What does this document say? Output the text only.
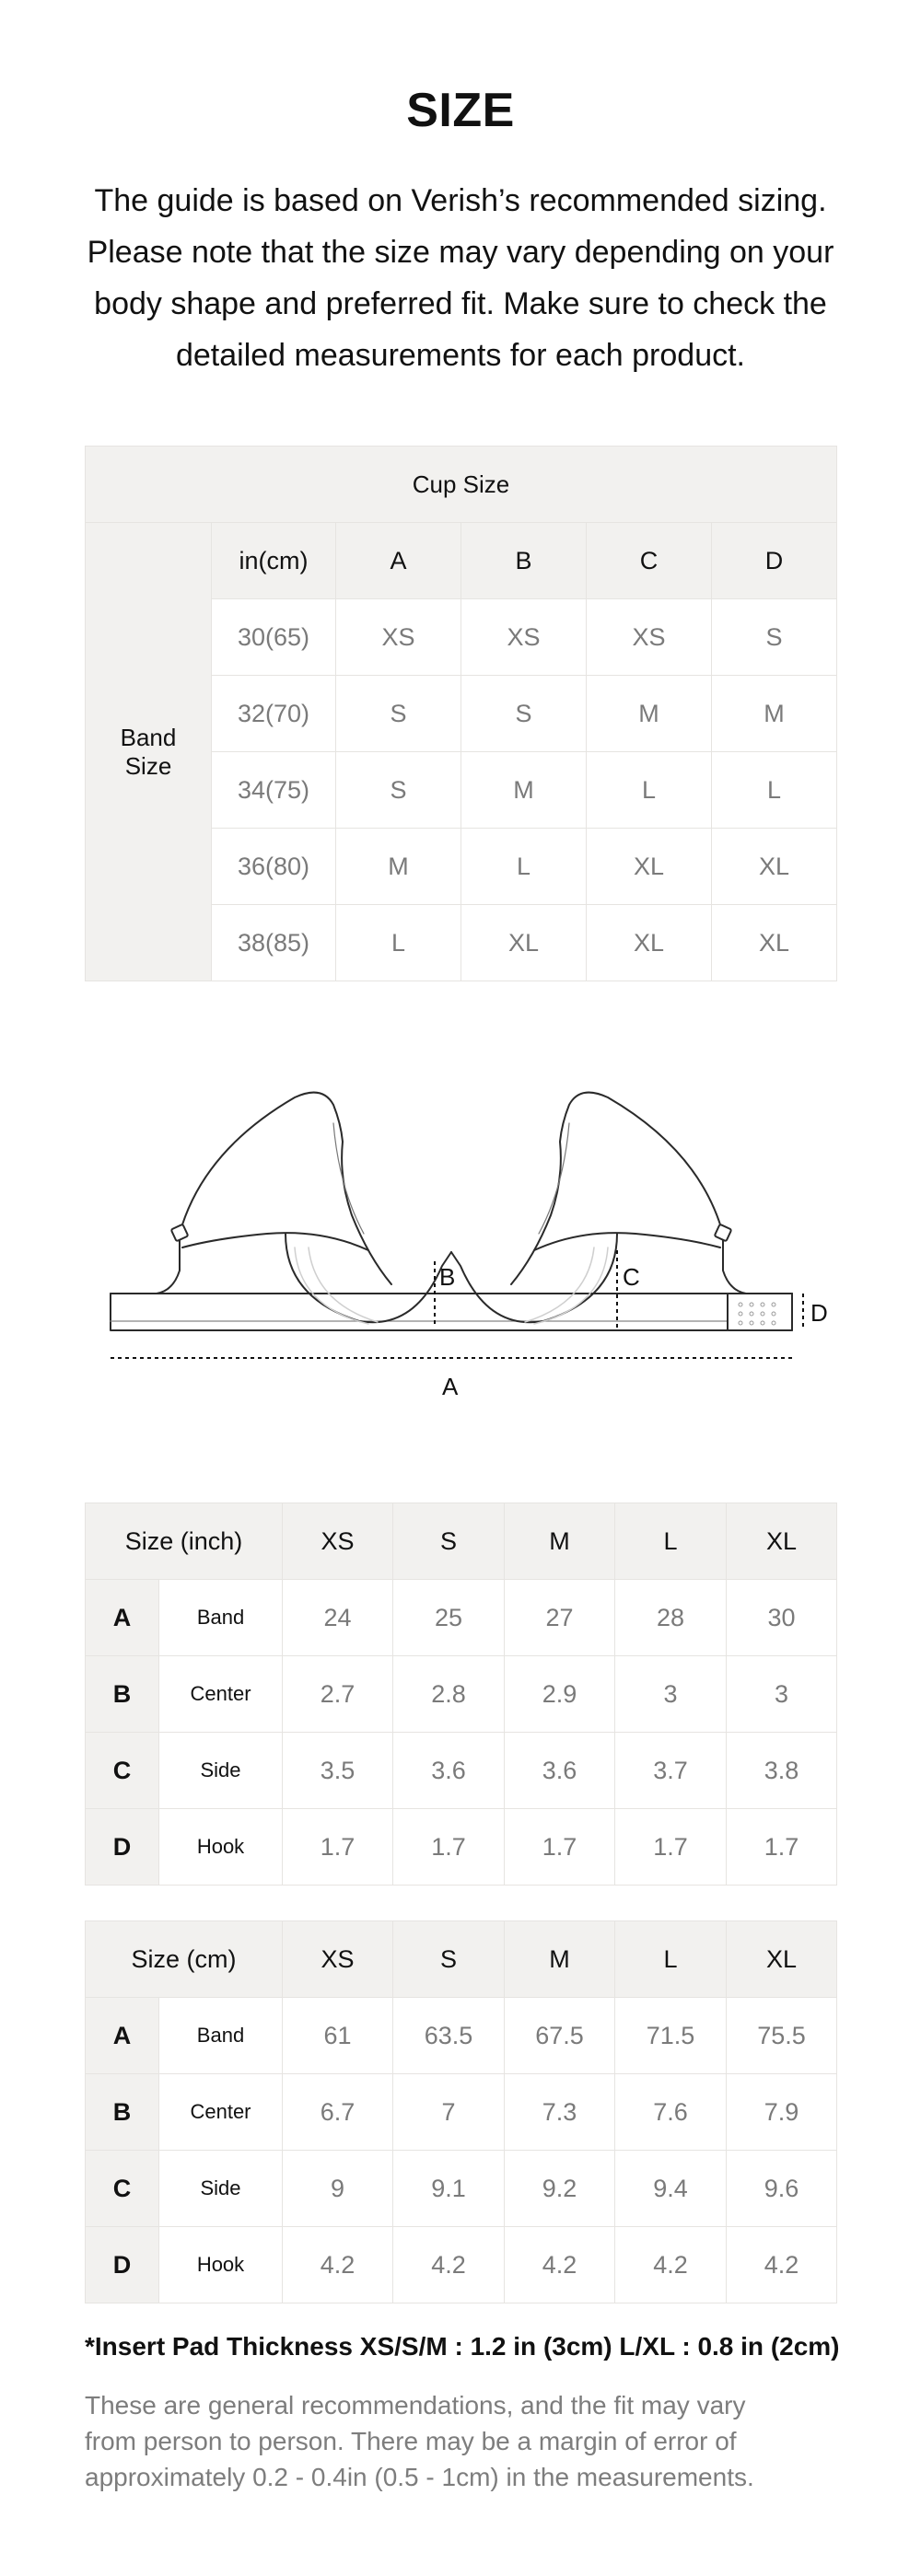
SIZE

The guide is based on Verish’s recommended sizing. Please note that the size may vary depending on your body shape and preferred fit. Make sure to check the detailed measurements for each product.

Cup Size					
Band
Size	in(cm)	A	B	C	D
	30(65)	XS	XS	XS	S
	32(70)	S	S	M	M
	34(75)	S	M	L	L
	36(80)	M	L	XL	XL
	38(85)	L	XL	XL	XL
B	C
D
A
Size (inch)		XS	S	M	L	XL
A	Band	24	25	27	28	30
B	Center	2.7	2.8	2.9	3	3
C	Side	3.5	3.6	3.6	3.7	3.8
D	Hook	1.7	1.7	1.7	1.7	1.7
Size (cm)		XS	S	M	L	XL
A	Band	61	63.5	67.5	71.5	75.5
B	Center	6.7	7	7.3	7.6	7.9
C	Side	9	9.1	9.2	9.4	9.6
D	Hook	4.2	4.2	4.2	4.2	4.2

*Insert Pad Thickness XS/S/M : 1.2 in (3cm) L/XL : 0.8 in (2cm)

These are general recommendations, and the fit may vary from person to person. There may be a margin of error of approximately 0.2 - 0.4in (0.5 - 1cm) in the measurements.
